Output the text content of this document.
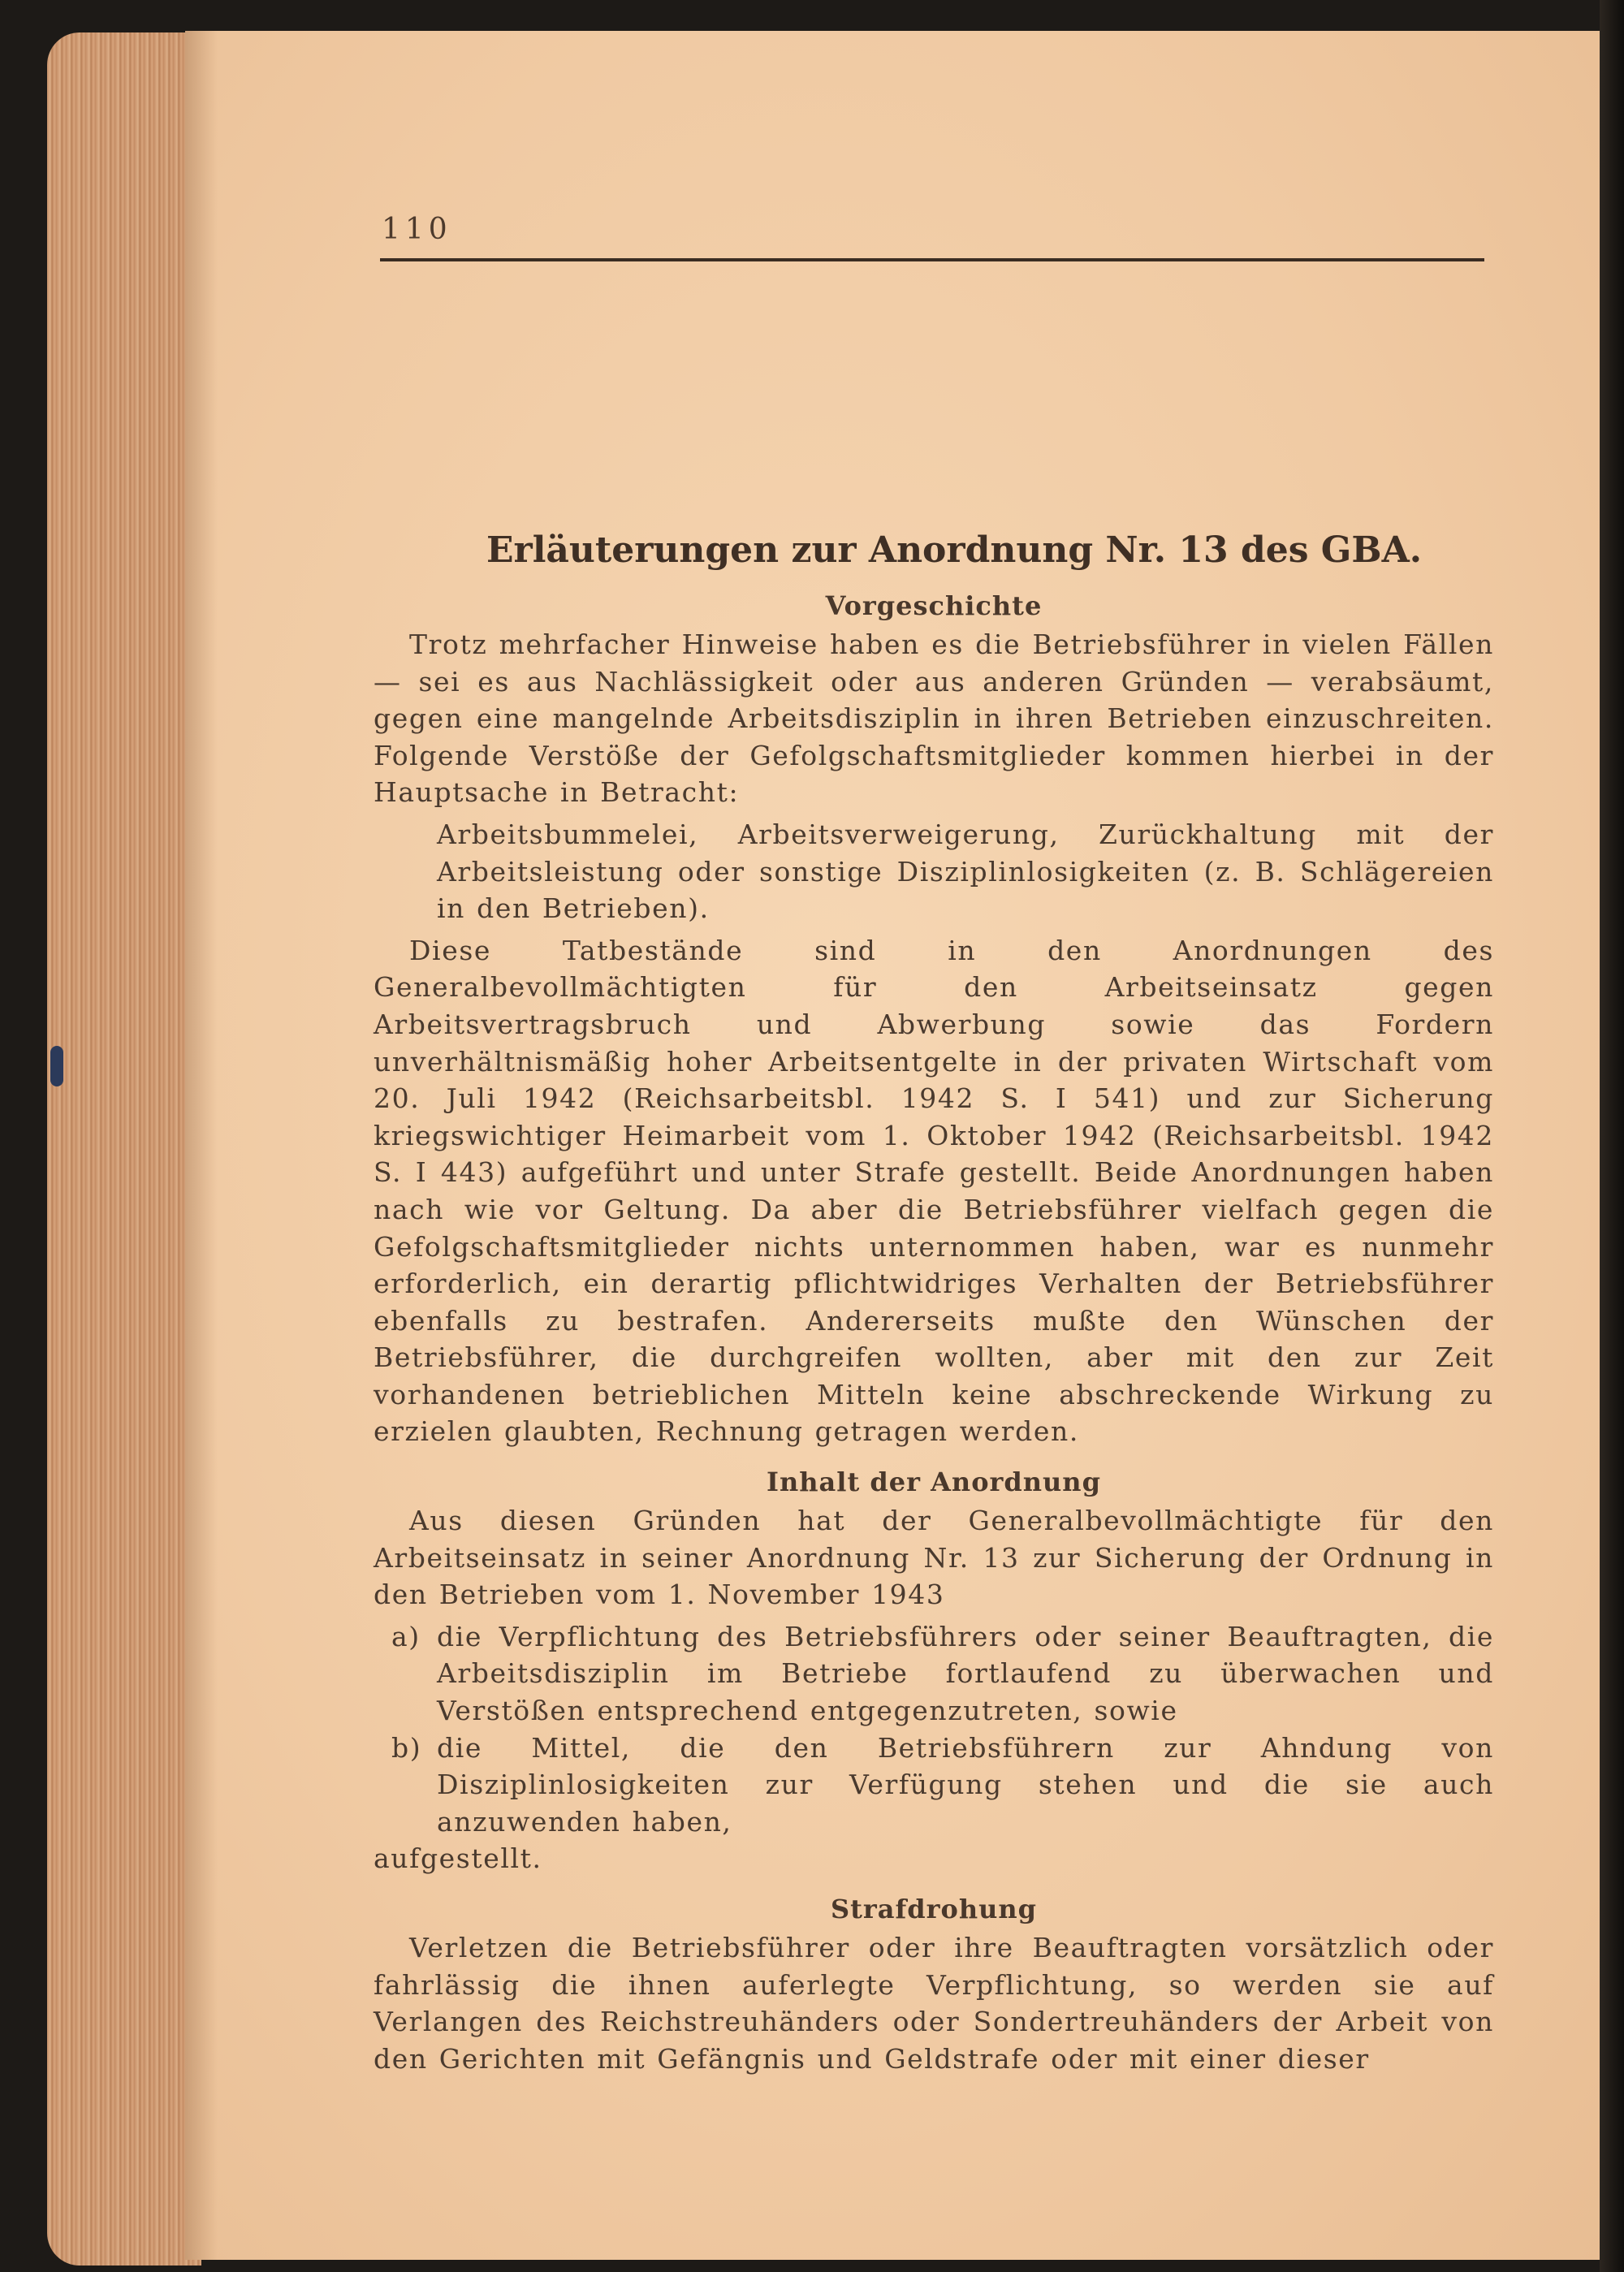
110
Erläuterungen zur Anordnung Nr. 13 des GBA.
Vorgeschichte

Trotz mehrfacher Hinweise haben es die Betriebsführer in vielen Fällen — sei es aus Nachlässigkeit oder aus anderen Gründen — verabsäumt, gegen eine mangelnde Arbeitsdisziplin in ihren Betrieben einzuschreiten. Folgende Verstöße der Gefolgschaftsmitglieder kommen hierbei in der Hauptsache in Betracht:

Arbeitsbummelei, Arbeitsverweigerung, Zurückhaltung mit der Arbeitsleistung oder sonstige Disziplinlosigkeiten (z. B. Schlägereien in den Betrieben).

Diese Tatbestände sind in den Anordnungen des Generalbevollmächtigten für den Arbeitseinsatz gegen Arbeitsvertragsbruch und Abwerbung sowie das Fordern unverhältnismäßig hoher Arbeitsentgelte in der privaten Wirtschaft vom 20. Juli 1942 (Reichsarbeitsbl. 1942 S. I 541) und zur Sicherung kriegswichtiger Heimarbeit vom 1. Oktober 1942 (Reichsarbeitsbl. 1942 S. I 443) aufgeführt und unter Strafe gestellt. Beide Anordnungen haben nach wie vor Geltung. Da aber die Betriebsführer vielfach gegen die Gefolgschaftsmitglieder nichts unternommen haben, war es nunmehr erforderlich, ein derartig pflichtwidriges Verhalten der Betriebsführer ebenfalls zu bestrafen. Andererseits mußte den Wünschen der Betriebsführer, die durchgreifen wollten, aber mit den zur Zeit vorhandenen betrieblichen Mitteln keine abschreckende Wirkung zu erzielen glaubten, Rechnung getragen werden.

Inhalt der Anordnung

Aus diesen Gründen hat der Generalbevollmächtigte für den Arbeitseinsatz in seiner Anordnung Nr. 13 zur Sicherung der Ordnung in den Betrieben vom 1. November 1943

a) die Verpflichtung des Betriebsführers oder seiner Beauftragten, die Arbeitsdisziplin im Betriebe fortlaufend zu überwachen und Verstößen entsprechend entgegenzutreten, sowie
b) die Mittel, die den Betriebsführern zur Ahndung von Disziplinlosigkeiten zur Verfügung stehen und die sie auch anzuwenden haben,

aufgestellt.

Strafdrohung

Verletzen die Betriebsführer oder ihre Beauftragten vorsätzlich oder fahrlässig die ihnen auferlegte Verpflichtung, so werden sie auf Verlangen des Reichstreuhänders oder Sondertreuhänders der Arbeit von den Gerichten mit Gefängnis und Geldstrafe oder mit einer dieser
